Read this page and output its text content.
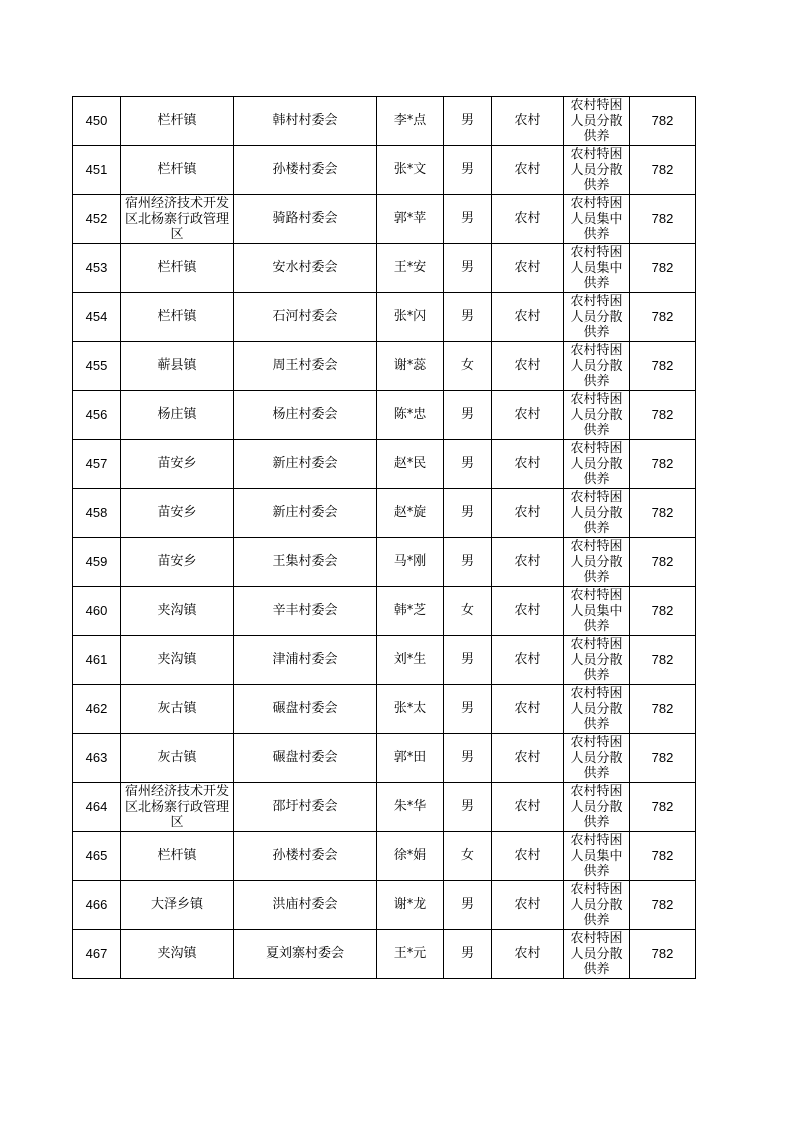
450	栏杆镇	韩村村委会	李*点	男	农村	农村特困人员分散供养	782

451	栏杆镇	孙楼村委会	张*文	男	农村	农村特困人员分散供养	782

452	宿州经济技术开发区北杨寨行政管理区	骑路村委会	郭*苹	男	农村	农村特困人员集中供养	782

453	栏杆镇	安水村委会	王*安	男	农村	农村特困人员集中供养	782

454	栏杆镇	石河村委会	张*闪	男	农村	农村特困人员分散供养	782

455	蕲县镇	周王村委会	谢*蕊	女	农村	农村特困人员分散供养	782

456	杨庄镇	杨庄村委会	陈*忠	男	农村	农村特困人员分散供养	782

457	苗安乡	新庄村委会	赵*民	男	农村	农村特困人员分散供养	782

458	苗安乡	新庄村委会	赵*旋	男	农村	农村特困人员分散供养	782

459	苗安乡	王集村委会	马*刚	男	农村	农村特困人员分散供养	782

460	夹沟镇	辛丰村委会	韩*芝	女	农村	农村特困人员集中供养	782

461	夹沟镇	津浦村委会	刘*生	男	农村	农村特困人员分散供养	782

462	灰古镇	碾盘村委会	张*太	男	农村	农村特困人员分散供养	782

463	灰古镇	碾盘村委会	郭*田	男	农村	农村特困人员分散供养	782

464	宿州经济技术开发区北杨寨行政管理区	邵圩村委会	朱*华	男	农村	农村特困人员分散供养	782

465	栏杆镇	孙楼村委会	徐*娟	女	农村	农村特困人员集中供养	782

466	大泽乡镇	洪庙村委会	谢*龙	男	农村	农村特困人员分散供养	782

467	夹沟镇	夏刘寨村委会	王*元	男	农村	农村特困人员分散供养	782
